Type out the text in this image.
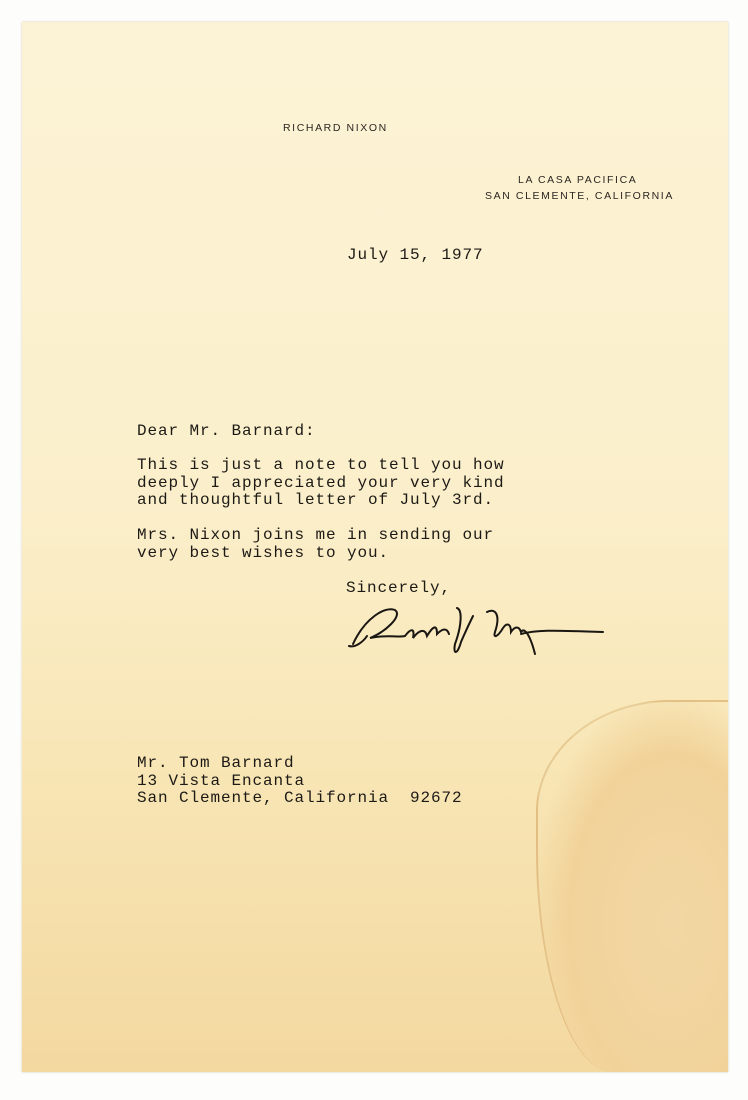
RICHARD NIXON
LA CASA PACIFICA
SAN CLEMENTE, CALIFORNIA
July 15, 1977
Dear Mr. Barnard:
This is just a note to tell you how
deeply I appreciated your very kind
and thoughtful letter of July 3rd.
Mrs. Nixon joins me in sending our
very best wishes to you.
Sincerely,
Mr. Tom Barnard
13 Vista Encanta
San Clemente, California  92672
